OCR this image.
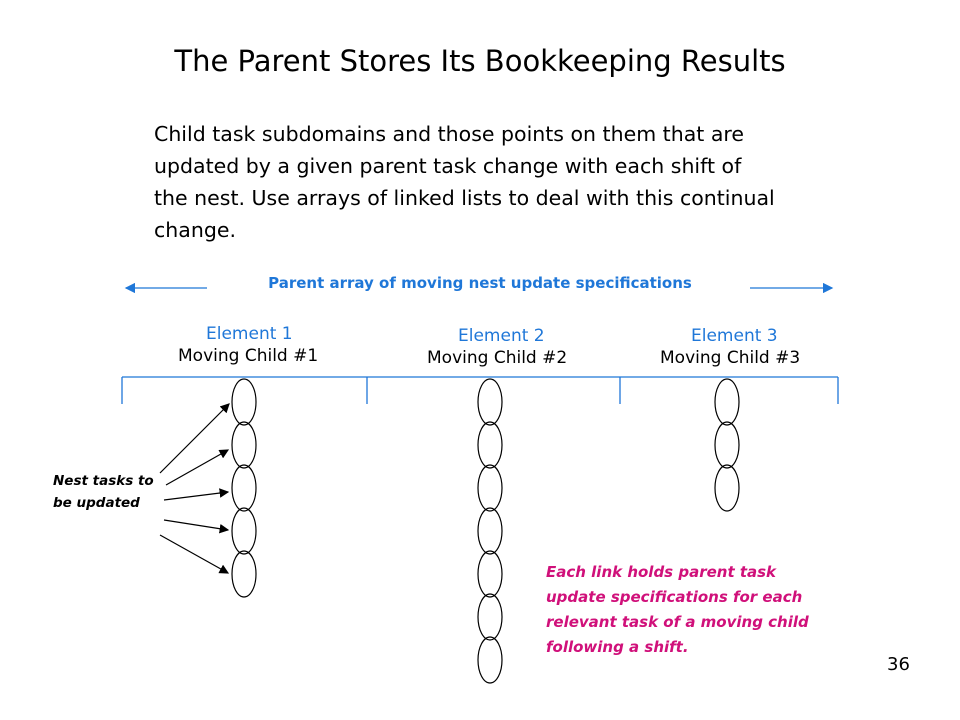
The Parent Stores Its Bookkeeping Results
Child task subdomains and those points on them that are
updated by a given parent task change with each shift of
the nest. Use arrays of linked lists to deal with this continual
change.
Parent array of moving nest update specifications
Element 1
Moving Child #1
Element 2
Moving Child #2
Element 3
Moving Child #3
Nest tasks to
be updated
Each link holds parent task
update specifications for each
relevant task of a moving child
following a shift.
36
